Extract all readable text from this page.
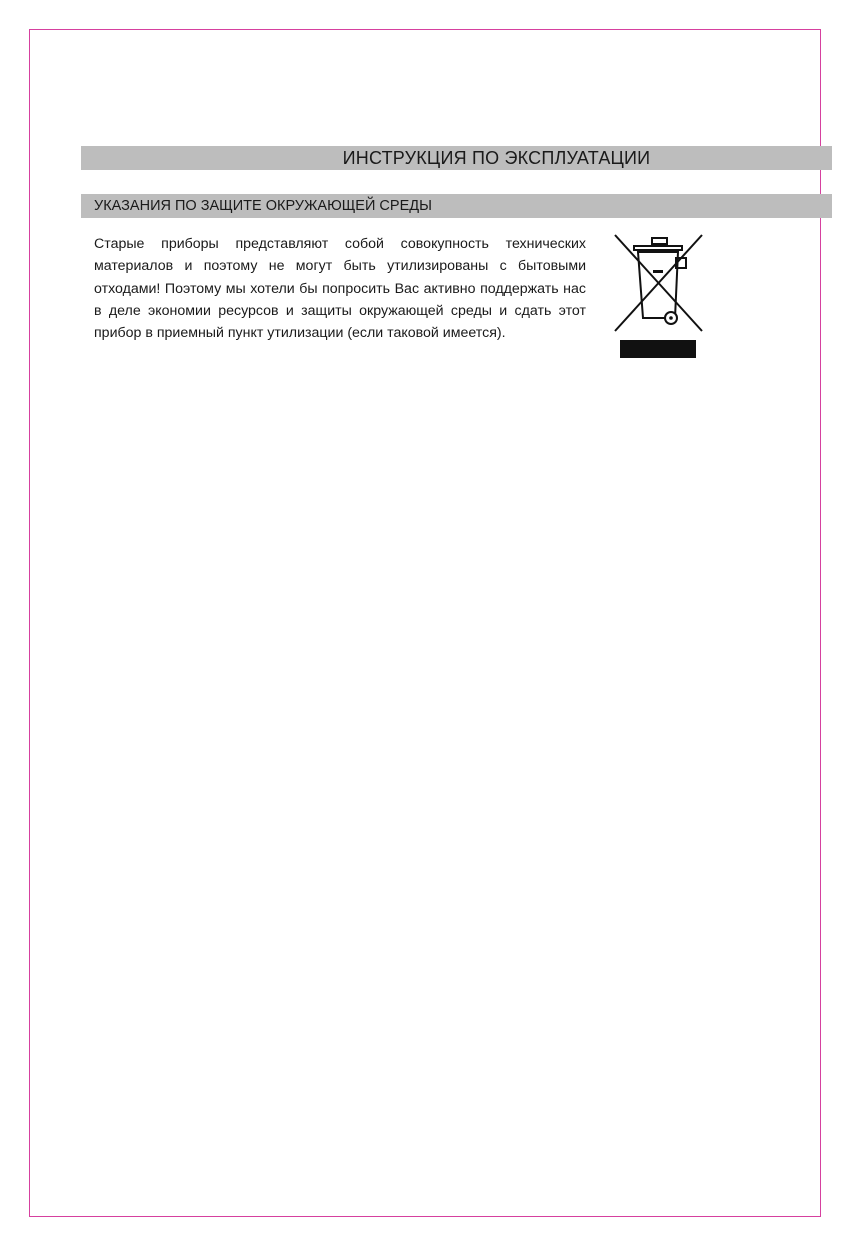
ИНСТРУКЦИЯ ПО ЭКСПЛУАТАЦИИ
УКАЗАНИЯ ПО ЗАЩИТЕ ОКРУЖАЮЩЕЙ СРЕДЫ

Старые приборы представляют собой совокупность технических материалов и поэтому не могут быть утилизированы с бытовыми отходами! Поэтому мы хотели бы попросить Вас активно поддержать нас в деле экономии ресурсов и защиты окружающей среды и сдать этот прибор в приемный пункт утилизации (если таковой имеется).
